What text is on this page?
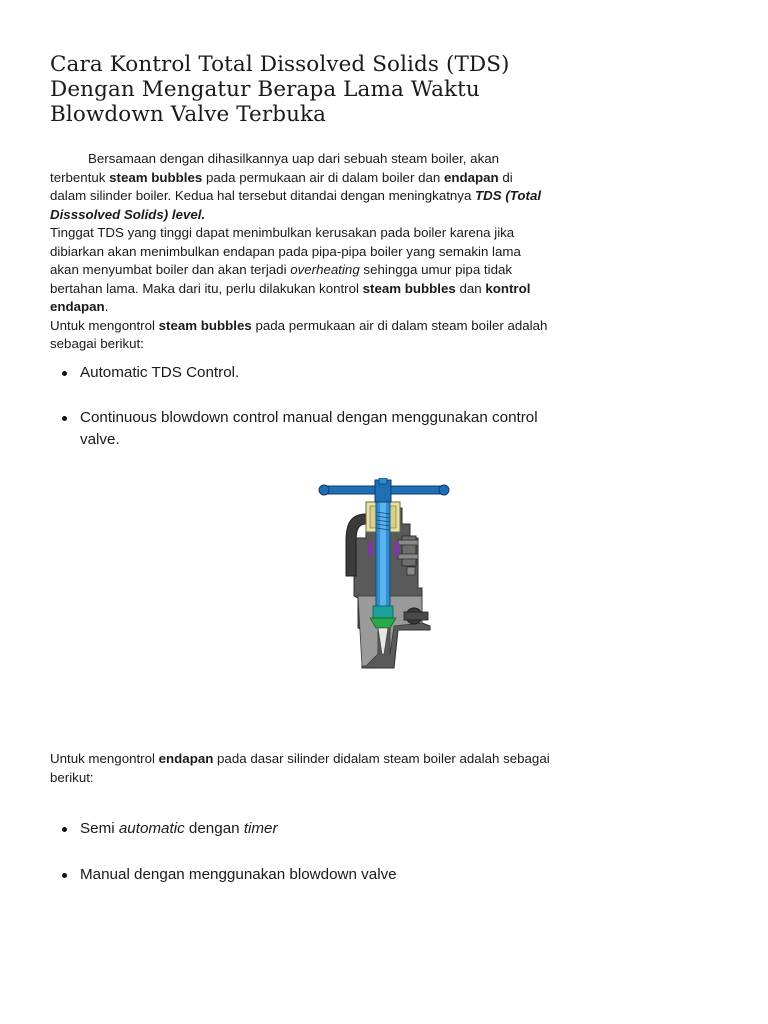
Cara Kontrol Total Dissolved Solids (TDS) Dengan Mengatur Berapa Lama Waktu Blowdown Valve Terbuka

Bersamaan dengan dihasilkannya uap dari sebuah steam boiler, akan terbentuk steam bubbles pada permukaan air di dalam boiler dan endapan di dalam silinder boiler. Kedua hal tersebut ditandai dengan meningkatnya TDS (Total Disssolved Solids) level.
Tinggat TDS yang tinggi dapat menimbulkan kerusakan pada boiler karena jika dibiarkan akan menimbulkan endapan pada pipa-pipa boiler yang semakin lama akan menyumbat boiler dan akan terjadi overheating sehingga umur pipa tidak bertahan lama. Maka dari itu, perlu dilakukan kontrol steam bubbles dan kontrol endapan.
Untuk mengontrol steam bubbles pada permukaan air di dalam steam boiler adalah sebagai berikut:

Automatic TDS Control.
Continuous blowdown control manual dengan menggunakan control valve.

Untuk mengontrol endapan pada dasar silinder didalam steam boiler adalah sebagai berikut:

Semi automatic dengan timer
Manual dengan menggunakan blowdown valve
